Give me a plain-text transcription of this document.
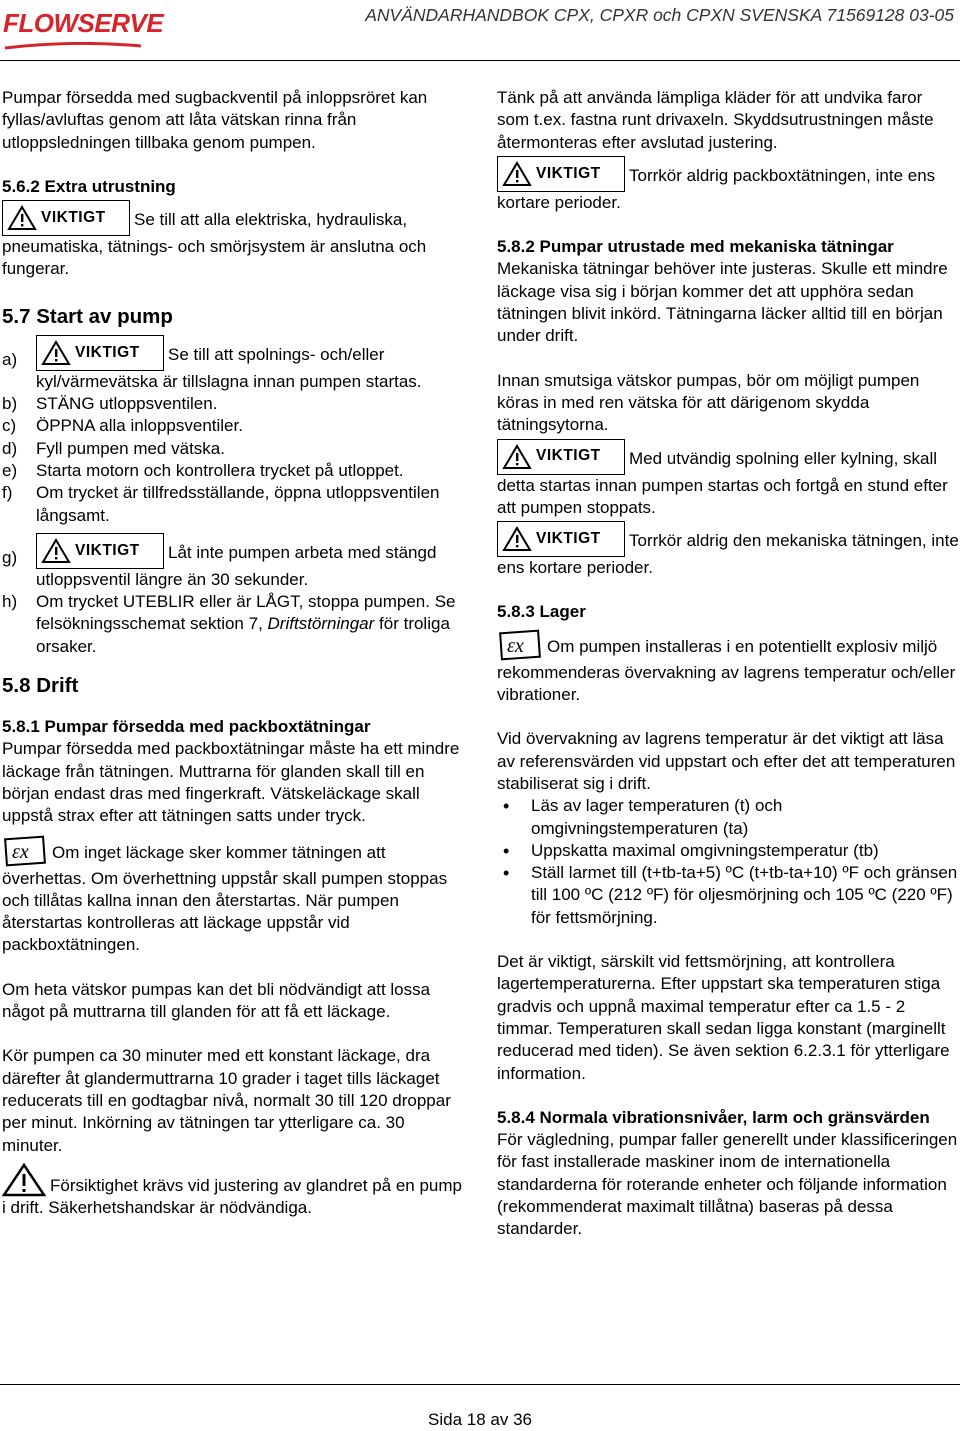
FLOWSERVE	ANVÄNDARHANDBOK CPX, CPXR och CPXN SVENSKA 71569128 03-05

Pumpar försedda med sugbackventil på inloppsröret kan fyllas/avluftas genom att låta vätskan rinna från utloppsledningen tillbaka genom pumpen.

5.6.2 Extra utrustning

VIKTIGT Se till att alla elektriska, hydrauliska, pneumatiska, tätnings- och smörjsystem är anslutna och fungerar.

5.7 Start av pump

a)	VIKTIGT Se till att spolnings- och/eller kyl/värmevätska är tillslagna innan pumpen startas.
b) STÄNG utloppsventilen.
c) ÖPPNA alla inloppsventiler.
d) Fyll pumpen med vätska.
e) Starta motorn och kontrollera trycket på utloppet.
f) Om trycket är tillfredsställande, öppna utloppsventilen långsamt.
g)	VIKTIGT Låt inte pumpen arbeta med stängd utloppsventil längre än 30 sekunder.
h) Om trycket UTEBLIR eller är LÅGT, stoppa pumpen. Se felsökningsschemat sektion 7, Driftstörningar för troliga orsaker.

5.8 Drift

5.8.1 Pumpar försedda med packboxtätningar

Pumpar försedda med packboxtätningar måste ha ett mindre läckage från tätningen. Muttrarna för glanden skall till en början endast dras med fingerkraft. Vätskeläckage skall uppstå strax efter att tätningen satts under tryck.

εx Om inget läckage sker kommer tätningen att överhettas. Om överhettning uppstår skall pumpen stoppas och tillåtas kallna innan den återstartas. När pumpen återstartas kontrolleras att läckage uppstår vid packboxtätningen.

Om heta vätskor pumpas kan det bli nödvändigt att lossa något på muttrarna till glanden för att få ett läckage.

Kör pumpen ca 30 minuter med ett konstant läckage, dra därefter åt glandermuttrarna 10 grader i taget tills läckaget reducerats till en godtagbar nivå, normalt 30 till 120 droppar per minut. Inkörning av tätningen tar ytterligare ca. 30 minuter.

Försiktighet krävs vid justering av glandret på en pump i drift. Säkerhetshandskar är nödvändiga.

Tänk på att använda lämpliga kläder för att undvika faror som t.ex. fastna runt drivaxeln. Skyddsutrustningen måste återmonteras efter avslutad justering.

VIKTIGT Torrkör aldrig packboxtätningen, inte ens kortare perioder.

5.8.2 Pumpar utrustade med mekaniska tätningar

Mekaniska tätningar behöver inte justeras. Skulle ett mindre läckage visa sig i början kommer det att upphöra sedan tätningen blivit inkörd. Tätningarna läcker alltid till en början under drift.

Innan smutsiga vätskor pumpas, bör om möjligt pumpen köras in med ren vätska för att därigenom skydda tätningsytorna.

VIKTIGT Med utvändig spolning eller kylning, skall detta startas innan pumpen startas och fortgå en stund efter att pumpen stoppats.

VIKTIGT Torrkör aldrig den mekaniska tätningen, inte ens kortare perioder.

5.8.3 Lager

εx Om pumpen installeras i en potentiellt explosiv miljö rekommenderas övervakning av lagrens temperatur och/eller vibrationer.

Vid övervakning av lagrens temperatur är det viktigt att läsa av referensvärden vid uppstart och efter det att temperaturen stabiliserat sig i drift.

• Läs av lager temperaturen (t) och omgivningstemperaturen (ta)
• Uppskatta maximal omgivningstemperatur (tb)
• Ställ larmet till (t+tb-ta+5) ºC (t+tb-ta+10) ºF och gränsen till 100 ºC (212 ºF) för oljesmörjning och 105 ºC (220 ºF) för fettsmörjning.

Det är viktigt, särskilt vid fettsmörjning, att kontrollera lagertemperaturerna. Efter uppstart ska temperaturen stiga gradvis och uppnå maximal temperatur efter ca 1.5 - 2 timmar. Temperaturen skall sedan ligga konstant (marginellt reducerad med tiden). Se även sektion 6.2.3.1 för ytterligare information.

5.8.4 Normala vibrationsnivåer, larm och gränsvärden

För vägledning, pumpar faller generellt under klassificeringen för fast installerade maskiner inom de internationella standarderna för roterande enheter och följande information (rekommenderat maximalt tillåtna) baseras på dessa standarder.

Sida 18 av 36
